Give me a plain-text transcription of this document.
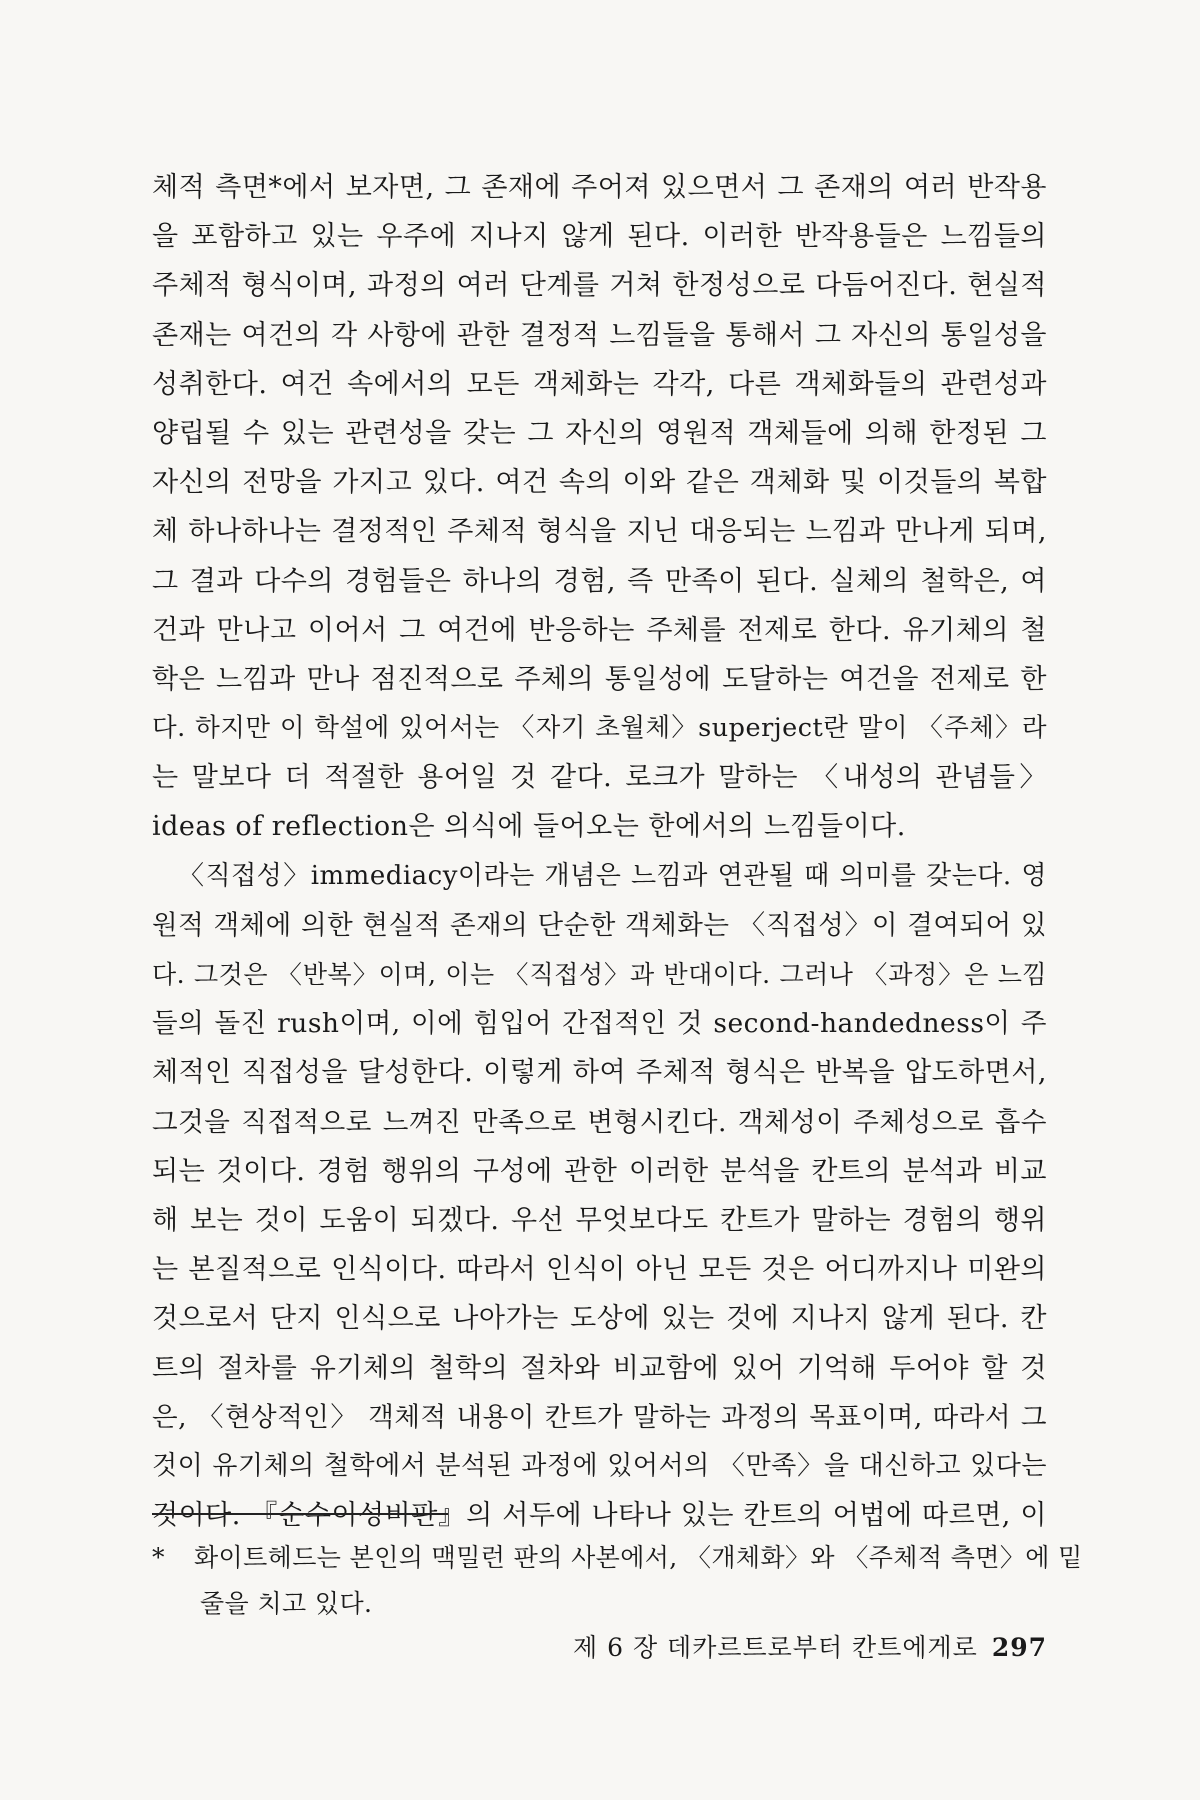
체적 측면*에서 보자면, 그 존재에 주어져 있으면서 그 존재의 여러 반작용
을 포함하고 있는 우주에 지나지 않게 된다. 이러한 반작용들은 느낌들의
주체적 형식이며, 과정의 여러 단계를 거쳐 한정성으로 다듬어진다. 현실적
존재는 여건의 각 사항에 관한 결정적 느낌들을 통해서 그 자신의 통일성을
성취한다. 여건 속에서의 모든 객체화는 각각, 다른 객체화들의 관련성과
양립될 수 있는 관련성을 갖는 그 자신의 영원적 객체들에 의해 한정된 그
자신의 전망을 가지고 있다. 여건 속의 이와 같은 객체화 및 이것들의 복합
체 하나하나는 결정적인 주체적 형식을 지닌 대응되는 느낌과 만나게 되며,
그 결과 다수의 경험들은 하나의 경험, 즉 만족이 된다. 실체의 철학은, 여
건과 만나고 이어서 그 여건에 반응하는 주체를 전제로 한다. 유기체의 철
학은 느낌과 만나 점진적으로 주체의 통일성에 도달하는 여건을 전제로 한
다. 하지만 이 학설에 있어서는 〈자기 초월체〉superject란 말이 〈주체〉라
는 말보다 더 적절한 용어일 것 같다. 로크가 말하는 〈내성의 관념들〉
ideas of reflection은 의식에 들어오는 한에서의 느낌들이다.
〈직접성〉immediacy이라는 개념은 느낌과 연관될 때 의미를 갖는다. 영
원적 객체에 의한 현실적 존재의 단순한 객체화는 〈직접성〉이 결여되어 있
다. 그것은 〈반복〉이며, 이는 〈직접성〉과 반대이다. 그러나 〈과정〉은 느낌
들의 돌진 rush이며, 이에 힘입어 간접적인 것 second-handedness이 주
체적인 직접성을 달성한다. 이렇게 하여 주체적 형식은 반복을 압도하면서,
그것을 직접적으로 느껴진 만족으로 변형시킨다. 객체성이 주체성으로 흡수
되는 것이다. 경험 행위의 구성에 관한 이러한 분석을 칸트의 분석과 비교
해 보는 것이 도움이 되겠다. 우선 무엇보다도 칸트가 말하는 경험의 행위
는 본질적으로 인식이다. 따라서 인식이 아닌 모든 것은 어디까지나 미완의
것으로서 단지 인식으로 나아가는 도상에 있는 것에 지나지 않게 된다. 칸
트의 절차를 유기체의 철학의 절차와 비교함에 있어 기억해 두어야 할 것
은, 〈현상적인〉 객체적 내용이 칸트가 말하는 과정의 목표이며, 따라서 그
것이 유기체의 철학에서 분석된 과정에 있어서의 〈만족〉을 대신하고 있다는
것이다. 『순수이성비판』의 서두에 나타나 있는 칸트의 어법에 따르면, 이
* 화이트헤드는 본인의 맥밀런 판의 사본에서, 〈개체화〉와 〈주체적 측면〉에 밑
줄을 치고 있다.
제 6 장 데카르트로부터 칸트에게로 297
